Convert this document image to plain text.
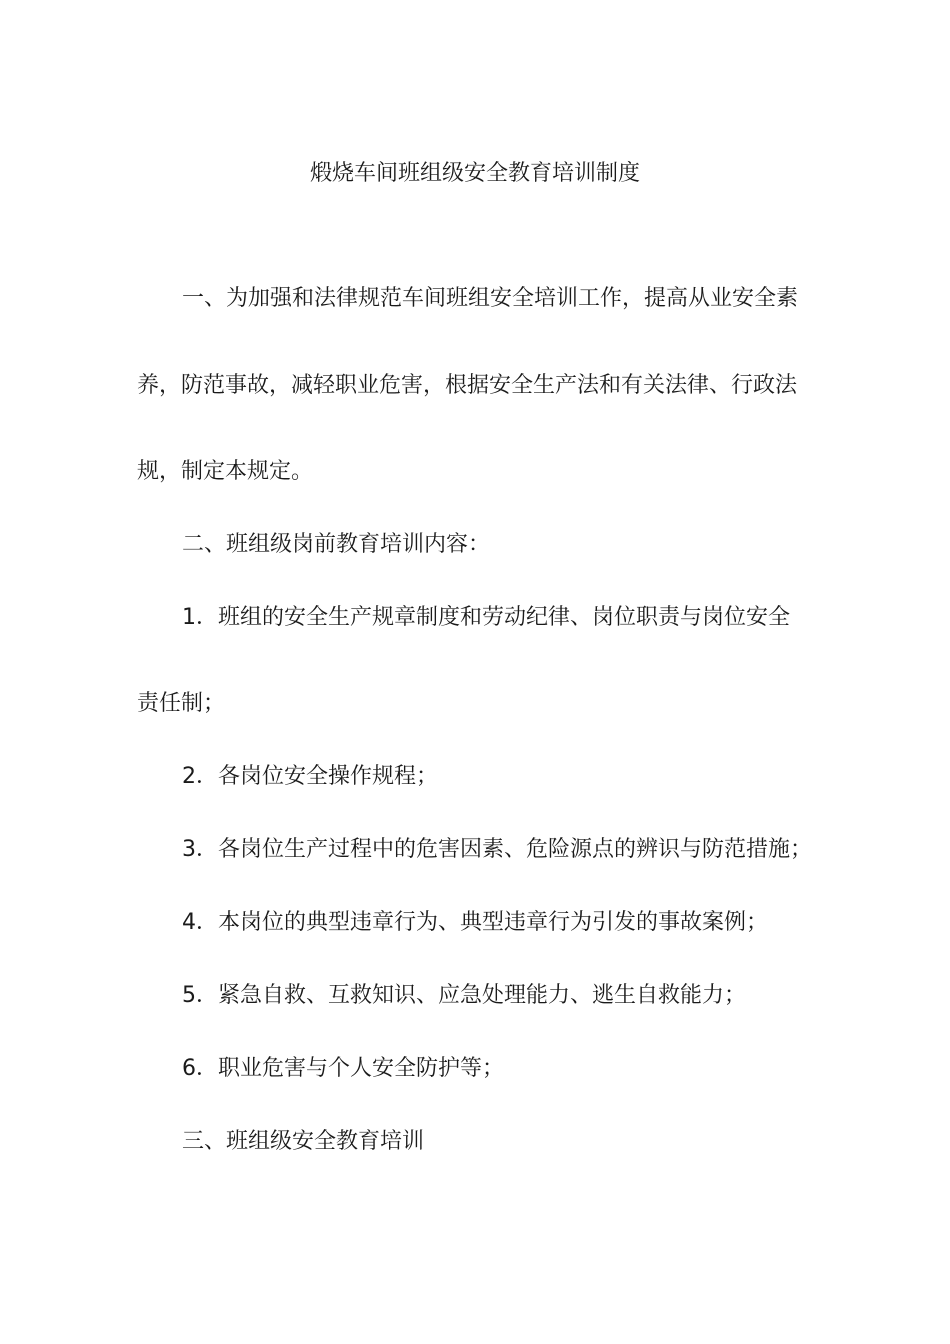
煅烧车间班组级安全教育培训制度
一、为加强和法律规范车间班组安全培训工作，提高从业安全素
养，防范事故，减轻职业危害，根据安全生产法和有关法律、行政法
规，制定本规定。
二、班组级岗前教育培训内容：
1．班组的安全生产规章制度和劳动纪律、岗位职责与岗位安全
责任制；
2．各岗位安全操作规程；
3．各岗位生产过程中的危害因素、危险源点的辨识与防范措施；
4．本岗位的典型违章行为、典型违章行为引发的事故案例；
5．紧急自救、互救知识、应急处理能力、逃生自救能力；
6．职业危害与个人安全防护等；
三、班组级安全教育培训
